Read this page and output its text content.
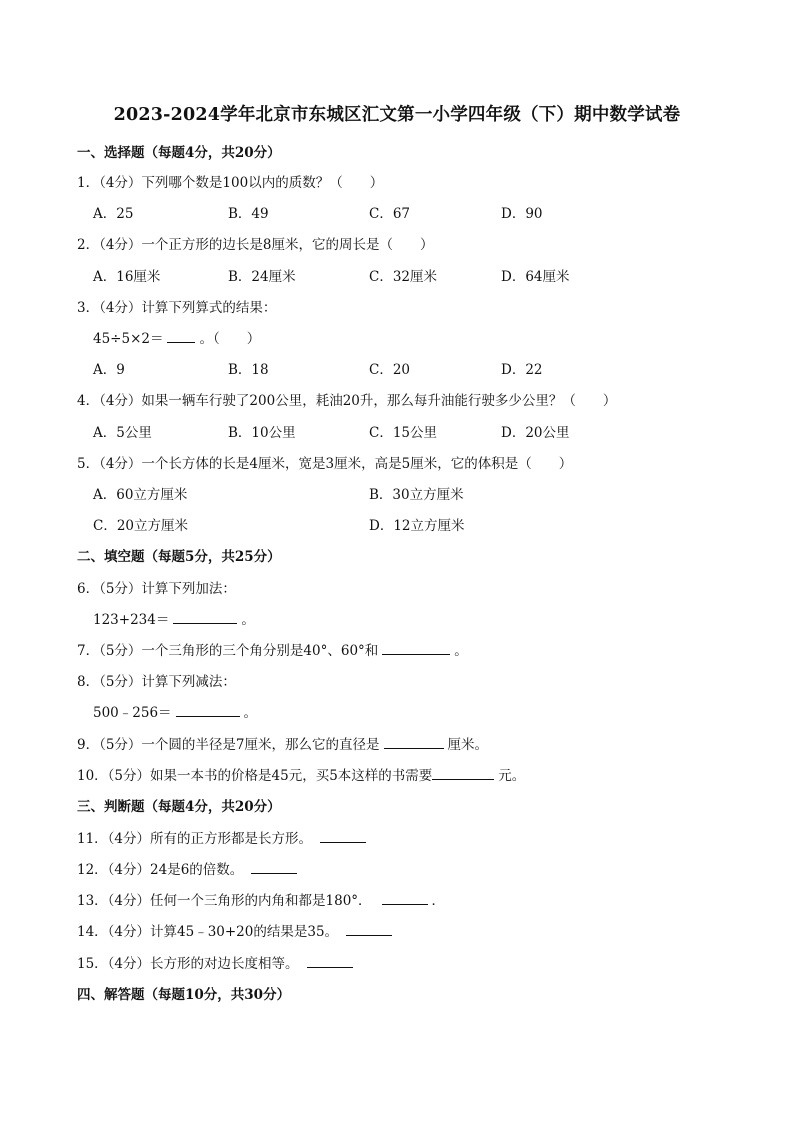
2023-2024学年北京市东城区汇文第一小学四年级（下）期中数学试卷
一、选择题（每题4分，共20分）
1．（4分）下列哪个数是100以内的质数？（　　）
A．25	B．49	C．67	D．90
2．（4分）一个正方形的边长是8厘米，它的周长是（　　）
A．16厘米	B．24厘米	C．32厘米	D．64厘米
3．（4分）计算下列算式的结果：
45÷5×2＝	。（　　）
A．9	B．18	C．20	D．22
4．（4分）如果一辆车行驶了200公里，耗油20升，那么每升油能行驶多少公里？（　　）
A．5公里	B．10公里	C．15公里	D．20公里
5．（4分）一个长方体的长是4厘米，宽是3厘米，高是5厘米，它的体积是（　　）
A．60立方厘米	B．30立方厘米
C．20立方厘米	D．12立方厘米
二、填空题（每题5分，共25分）
6．（5分）计算下列加法：
123+234＝	。
7．（5分）一个三角形的三个角分别是40°、60°和	。
8．（5分）计算下列减法：
500﹣256＝	。
9．（5分）一个圆的半径是7厘米，那么它的直径是	厘米。
10．（5分）如果一本书的价格是45元，买5本这样的书需要	元。
三、判断题（每题4分，共20分）
11．（4分）所有的正方形都是长方形。
12．（4分）24是6的倍数。
13．（4分）任何一个三角形的内角和都是180°．	．
14．（4分）计算45﹣30+20的结果是35。
15．（4分）长方形的对边长度相等。
四、解答题（每题10分，共30分）
